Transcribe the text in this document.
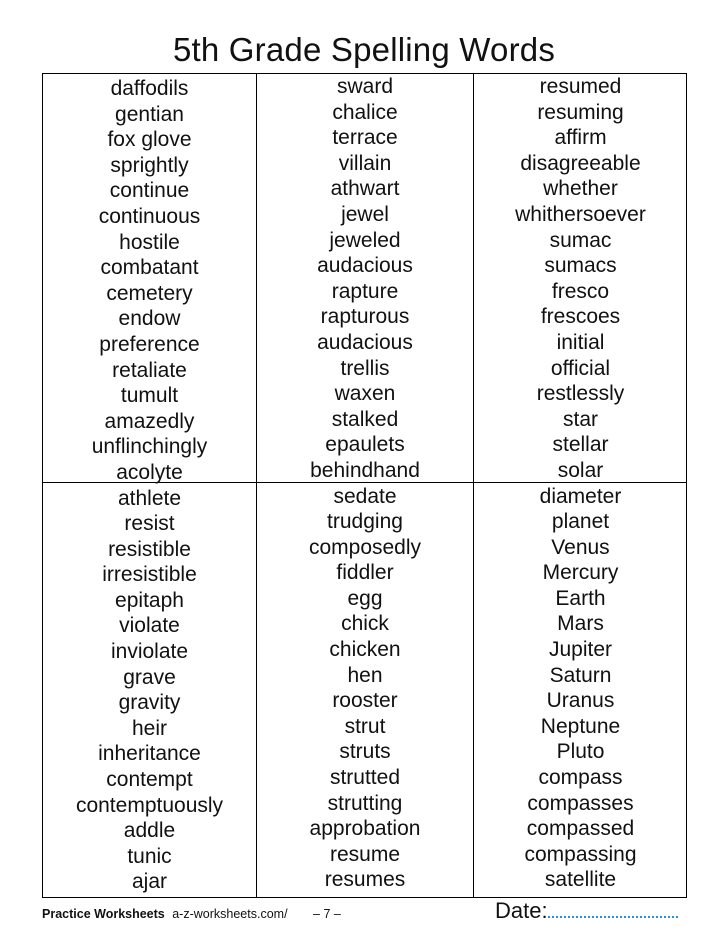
5th Grade Spelling Words
daffodils
gentian
fox glove
sprightly
continue
continuous
hostile
combatant
cemetery
endow
preference
retaliate
tumult
amazedly
unflinchingly
acolyte
athlete
resist
resistible
irresistible
epitaph
violate
inviolate
grave
gravity
heir
inheritance
contempt
contemptuously
addle
tunic
ajar
sward
chalice
terrace
villain
athwart
jewel
jeweled
audacious
rapture
rapturous
audacious
trellis
waxen
stalked
epaulets
behindhand
sedate
trudging
composedly
fiddler
egg
chick
chicken
hen
rooster
strut
struts
strutted
strutting
approbation
resume
resumes
resumed
resuming
affirm
disagreeable
whether
whithersoever
sumac
sumacs
fresco
frescoes
initial
official
restlessly
star
stellar
solar
diameter
planet
Venus
Mercury
Earth
Mars
Jupiter
Saturn
Uranus
Neptune
Pluto
compass
compasses
compassed
compassing
satellite
Practice Worksheets a-z-worksheets.com/ – 7 –	Date:
